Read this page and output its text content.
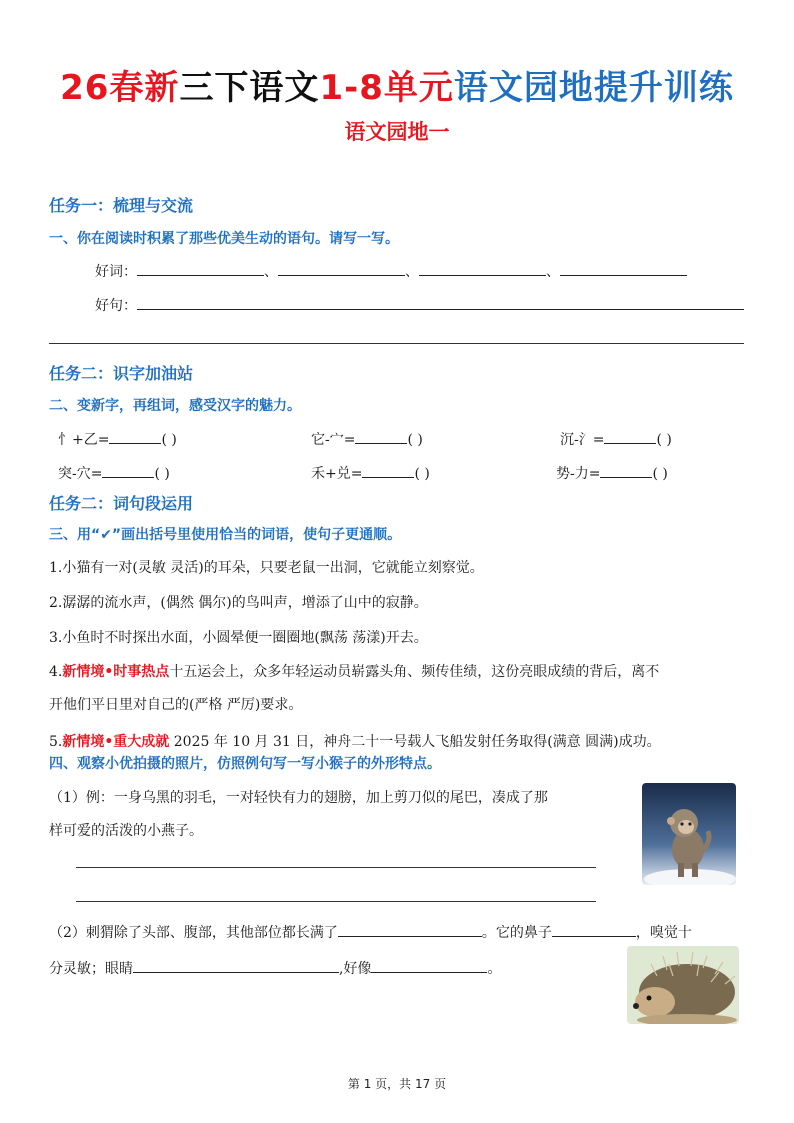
26春新三下语文1-8单元语文园地提升训练
语文园地一
任务一：梳理与交流
一、你在阅读时积累了那些优美生动的语句。请写一写。
好词：	、	、	、
好句：
任务二：识字加油站
二、变新字，再组词，感受汉字的魅力。
忄+乙=	( )	它-宀=	( )	沉-氵=	( )
突-穴=	( )	禾+兑=	( )	势-力=	( )
任务二：词句段运用
三、用“✔”画出括号里使用恰当的词语，使句子更通顺。
1.小猫有一对(灵敏 灵活)的耳朵，只要老鼠一出洞，它就能立刻察觉。
2.潺潺的流水声，(偶然 偶尔)的鸟叫声，增添了山中的寂静。
3.小鱼时不时探出水面，小圆晕便一圈圈地(飘荡 荡漾)开去。
4.新情境•时事热点十五运会上，众多年轻运动员崭露头角、频传佳绩，这份亮眼成绩的背后，离不
开他们平日里对自己的(严格 严厉)要求。
5.新情境•重大成就 2025 年 10 月 31 日，神舟二十一号载人飞船发射任务取得(满意 圆满)成功。
四、观察小优拍摄的照片，仿照例句写一写小猴子的外形特点。
（1）例：一身乌黑的羽毛，一对轻快有力的翅膀，加上剪刀似的尾巴，凑成了那
样可爱的活泼的小燕子。
（2）刺猬除了头部、腹部，其他部位都长满了	。它的鼻子	，嗅觉十
分灵敏；眼睛	,好像	。
第 1 页，共 17 页
